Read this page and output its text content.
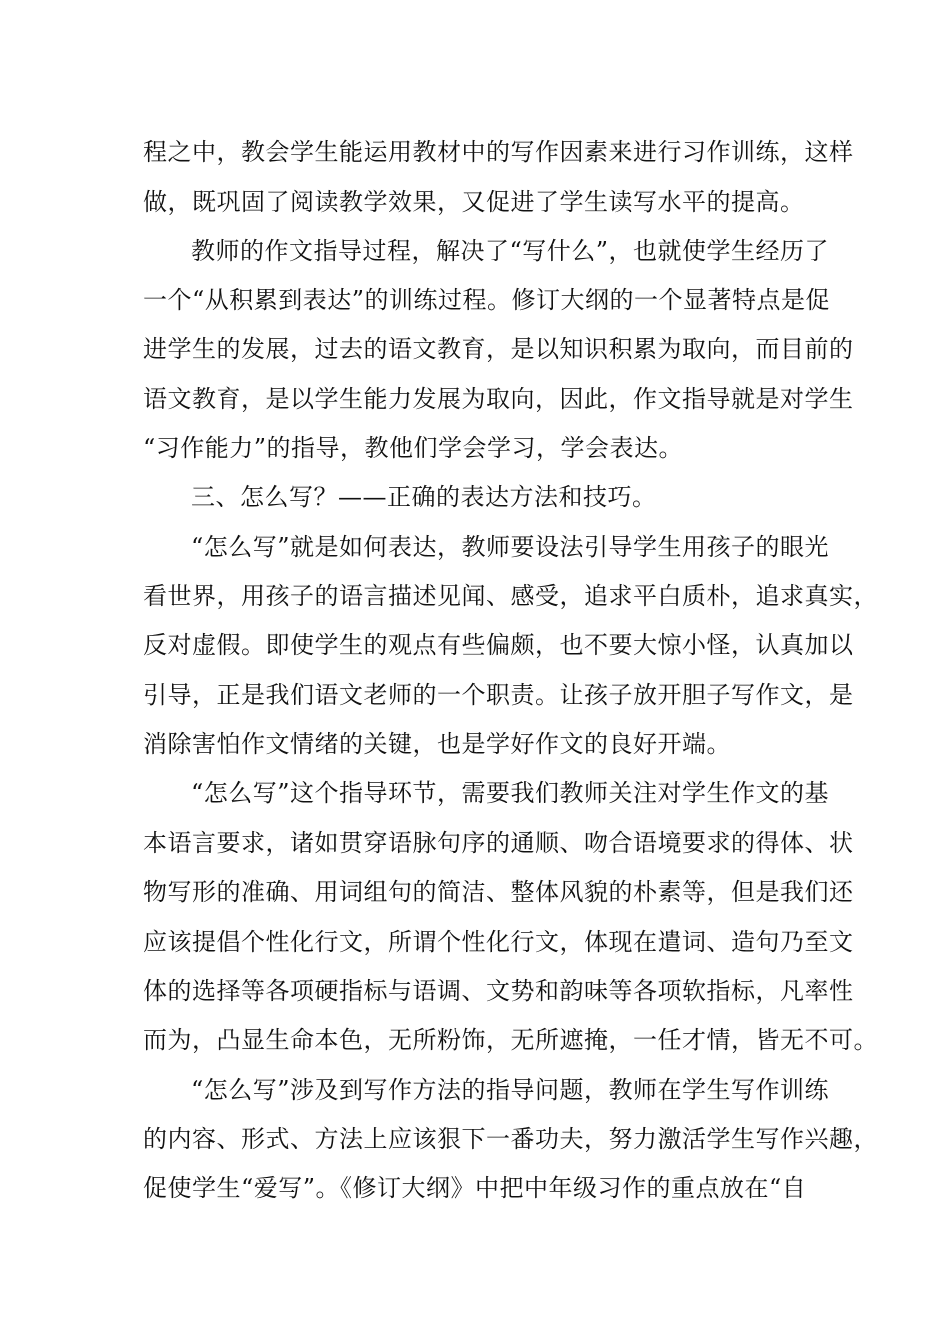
程之中，教会学生能运用教材中的写作因素来进行习作训练，这样
做，既巩固了阅读教学效果，又促进了学生读写水平的提高。
教师的作文指导过程，解决了“写什么”，也就使学生经历了
一个“从积累到表达”的训练过程。修订大纲的一个显著特点是促
进学生的发展，过去的语文教育，是以知识积累为取向，而目前的
语文教育，是以学生能力发展为取向，因此，作文指导就是对学生
“习作能力”的指导，教他们学会学习，学会表达。
三、怎么写？——正确的表达方法和技巧。
“怎么写”就是如何表达，教师要设法引导学生用孩子的眼光
看世界，用孩子的语言描述见闻、感受，追求平白质朴，追求真实，
反对虚假。即使学生的观点有些偏颇，也不要大惊小怪，认真加以
引导，正是我们语文老师的一个职责。让孩子放开胆子写作文，是
消除害怕作文情绪的关键，也是学好作文的良好开端。
“怎么写”这个指导环节，需要我们教师关注对学生作文的基
本语言要求，诸如贯穿语脉句序的通顺、吻合语境要求的得体、状
物写形的准确、用词组句的简洁、整体风貌的朴素等，但是我们还
应该提倡个性化行文，所谓个性化行文，体现在遣词、造句乃至文
体的选择等各项硬指标与语调、文势和韵味等各项软指标，凡率性
而为，凸显生命本色，无所粉饰，无所遮掩，一任才情，皆无不可。
“怎么写”涉及到写作方法的指导问题，教师在学生写作训练
的内容、形式、方法上应该狠下一番功夫，努力激活学生写作兴趣，
促使学生“爱写”。《修订大纲》中把中年级习作的重点放在“自
